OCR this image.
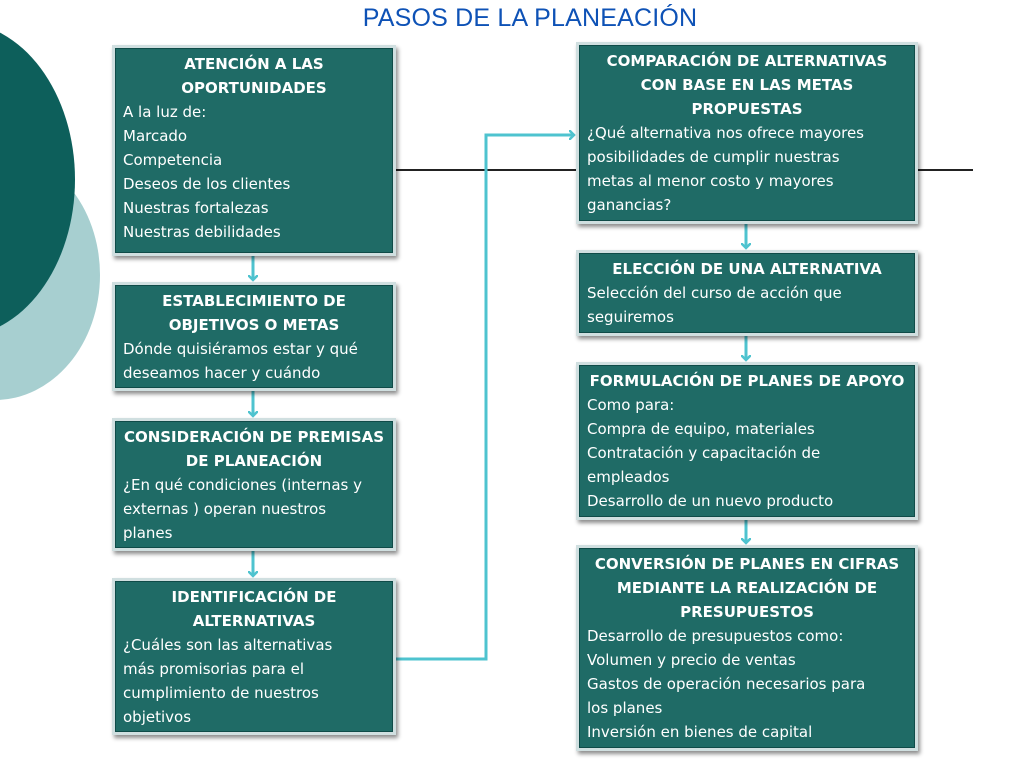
PASOS DE LA PLANEACIÓN
ATENCIÓN A LAS
OPORTUNIDADES
A la luz de:
Marcado
Competencia
Deseos de los clientes
Nuestras fortalezas
Nuestras debilidades
ESTABLECIMIENTO DE
OBJETIVOS O METAS
Dónde quisiéramos estar y qué
deseamos hacer y cuándo
CONSIDERACIÓN DE PREMISAS
DE PLANEACIÓN
¿En qué condiciones (internas y
externas ) operan nuestros
planes
IDENTIFICACIÓN DE
ALTERNATIVAS
¿Cuáles son las alternativas
más promisorias para el
cumplimiento de nuestros
objetivos
COMPARACIÓN DE ALTERNATIVAS
CON BASE EN LAS METAS
PROPUESTAS
¿Qué alternativa nos ofrece mayores
posibilidades de cumplir nuestras
metas al menor costo y mayores
ganancias?
ELECCIÓN DE UNA ALTERNATIVA
Selección del curso de acción que
seguiremos
FORMULACIÓN DE PLANES DE APOYO
Como para:
Compra de equipo, materiales
Contratación y capacitación de
empleados
Desarrollo de un nuevo producto
CONVERSIÓN DE PLANES EN CIFRAS
MEDIANTE LA REALIZACIÓN DE
PRESUPUESTOS
Desarrollo de presupuestos como:
Volumen y precio de ventas
Gastos de operación necesarios para
los planes
Inversión en bienes de capital
